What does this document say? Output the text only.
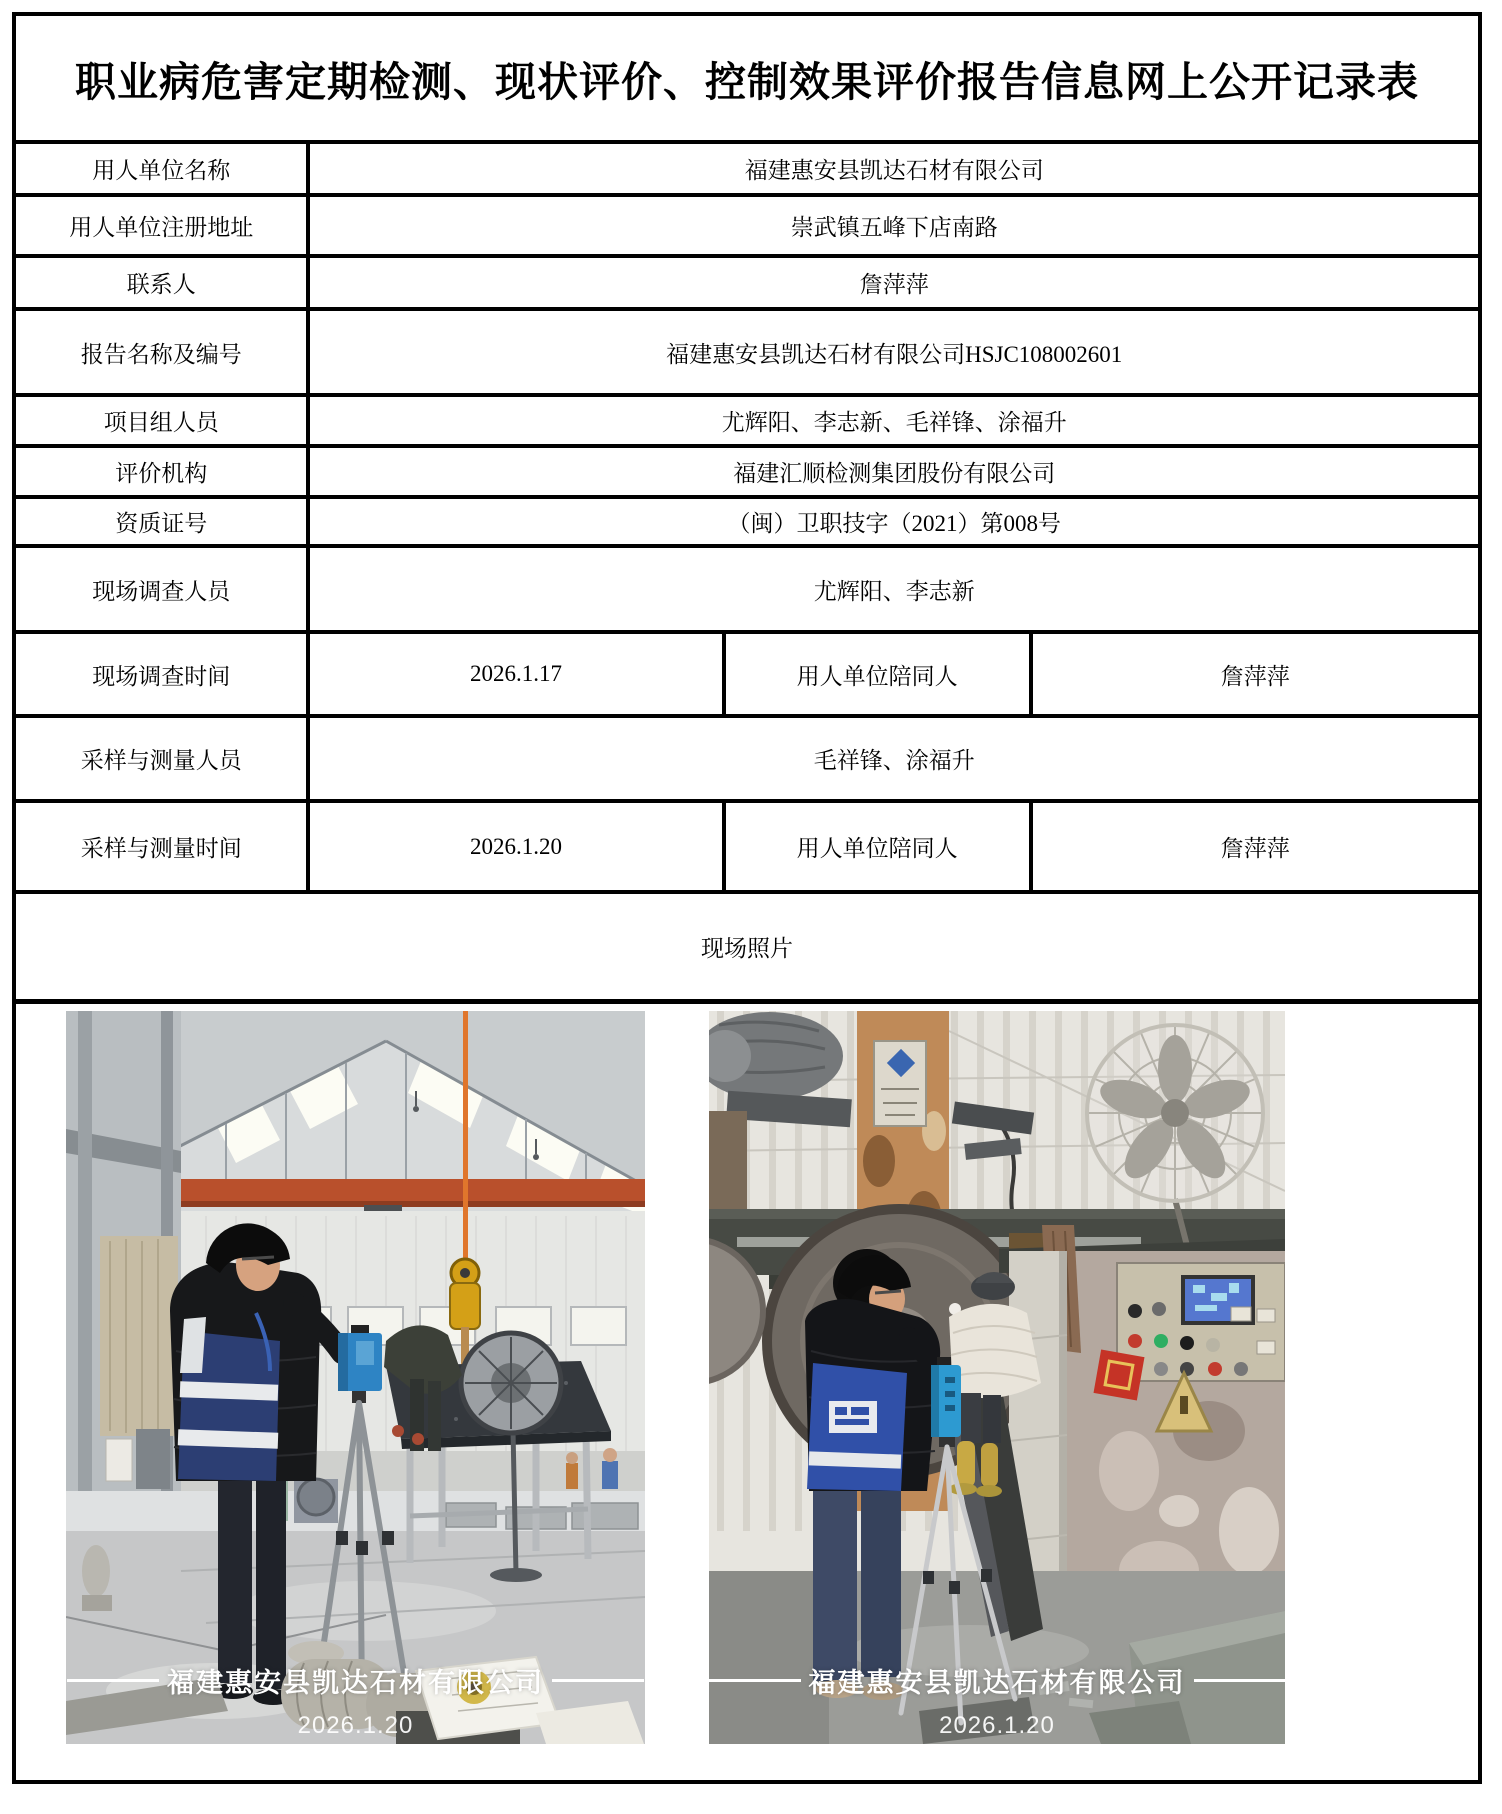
职业病危害定期检测、现状评价、控制效果评价报告信息网上公开记录表
用人单位名称	福建惠安县凯达石材有限公司		
用人单位注册地址	崇武镇五峰下店南路		
联系人	詹萍萍		
报告名称及编号	福建惠安县凯达石材有限公司HSJC108002601		
项目组人员	尤辉阳、李志新、毛祥锋、涂福升		
评价机构	福建汇顺检测集团股份有限公司		
资质证号	（闽）卫职技字（2021）第008号		
现场调查人员	尤辉阳、李志新		
现场调查时间	2026.1.17	用人单位陪同人	詹萍萍
采样与测量人员	毛祥锋、涂福升		
采样与测量时间	2026.1.20	用人单位陪同人	詹萍萍
现场照片			
福建惠安县凯达石材有限公司
2026.1.20
福建惠安县凯达石材有限公司
2026.1.20
